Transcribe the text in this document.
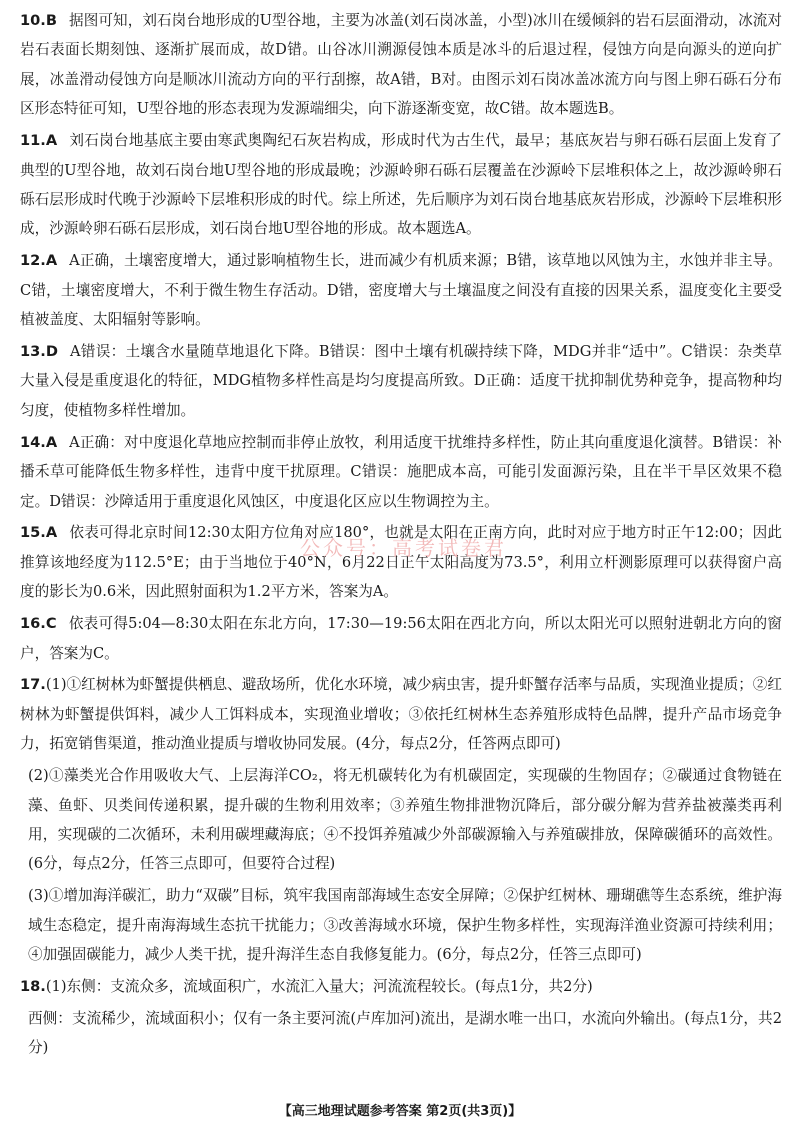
10.B 据图可知，刘石岗台地形成的U型谷地，主要为冰盖(刘石岗冰盖，小型)冰川在缓倾斜的岩石层面滑动，冰流对岩石表面长期刻蚀、逐渐扩展而成，故D错。山谷冰川溯源侵蚀本质是冰斗的后退过程，侵蚀方向是向源头的逆向扩展，冰盖滑动侵蚀方向是顺冰川流动方向的平行刮擦，故A错，B对。由图示刘石岗冰盖冰流方向与图上卵石砾石分布区形态特征可知，U型谷地的形态表现为发源端细尖，向下游逐渐变宽，故C错。故本题选B。

11.A 刘石岗台地基底主要由寒武奥陶纪石灰岩构成，形成时代为古生代，最早；基底灰岩与卵石砾石层面上发育了典型的U型谷地，故刘石岗台地U型谷地的形成最晚；沙源岭卵石砾石层覆盖在沙源岭下层堆积体之上，故沙源岭卵石砾石层形成时代晚于沙源岭下层堆积形成的时代。综上所述，先后顺序为刘石岗台地基底灰岩形成，沙源岭下层堆积形成，沙源岭卵石砾石层形成，刘石岗台地U型谷地的形成。故本题选A。

12.A A正确，土壤密度增大，通过影响植物生长，进而减少有机质来源；B错，该草地以风蚀为主，水蚀并非主导。C错，土壤密度增大，不利于微生物生存活动。D错，密度增大与土壤温度之间没有直接的因果关系，温度变化主要受植被盖度、太阳辐射等影响。

13.D A错误：土壤含水量随草地退化下降。B错误：图中土壤有机碳持续下降，MDG并非“适中”。C错误：杂类草大量入侵是重度退化的特征，MDG植物多样性高是均匀度提高所致。D正确：适度干扰抑制优势种竞争，提高物种均匀度，使植物多样性增加。

14.A A正确：对中度退化草地应控制而非停止放牧，利用适度干扰维持多样性，防止其向重度退化演替。B错误：补播禾草可能降低生物多样性，违背中度干扰原理。C错误：施肥成本高，可能引发面源污染，且在半干旱区效果不稳定。D错误：沙障适用于重度退化风蚀区，中度退化区应以生物调控为主。

15.A 依表可得北京时间12:30太阳方位角对应180°，也就是太阳在正南方向，此时对应于地方时正午12:00；因此推算该地经度为112.5°E；由于当地位于40°N，6月22日正午太阳高度为73.5°，利用立杆测影原理可以获得窗户高度的影长为0.6米，因此照射面积为1.2平方米，答案为A。

16.C 依表可得5:04—8:30太阳在东北方向，17:30—19:56太阳在西北方向，所以太阳光可以照射进朝北方向的窗户，答案为C。

17.(1)①红树林为虾蟹提供栖息、避敌场所，优化水环境，减少病虫害，提升虾蟹存活率与品质，实现渔业提质；②红树林为虾蟹提供饵料，减少人工饵料成本，实现渔业增收；③依托红树林生态养殖形成特色品牌，提升产品市场竞争力，拓宽销售渠道，推动渔业提质与增收协同发展。(4分，每点2分，任答两点即可)

(2)①藻类光合作用吸收大气、上层海洋CO₂，将无机碳转化为有机碳固定，实现碳的生物固存；②碳通过食物链在藻、鱼虾、贝类间传递积累，提升碳的生物利用效率；③养殖生物排泄物沉降后，部分碳分解为营养盐被藻类再利用，实现碳的二次循环，未利用碳埋藏海底；④不投饵养殖减少外部碳源输入与养殖碳排放，保障碳循环的高效性。(6分，每点2分，任答三点即可，但要符合过程)

(3)①增加海洋碳汇，助力“双碳”目标，筑牢我国南部海域生态安全屏障；②保护红树林、珊瑚礁等生态系统，维护海域生态稳定，提升南海海域生态抗干扰能力；③改善海域水环境，保护生物多样性，实现海洋渔业资源可持续利用；④加强固碳能力，减少人类干扰，提升海洋生态自我修复能力。(6分，每点2分，任答三点即可)

18.(1)东侧：支流众多，流域面积广，水流汇入量大；河流流程较长。(每点1分，共2分)

西侧：支流稀少，流域面积小；仅有一条主要河流(卢库加河)流出，是湖水唯一出口，水流向外输出。(每点1分，共2分)

公众号：高考试卷君
【高三地理试题参考答案 第2页(共3页)】
